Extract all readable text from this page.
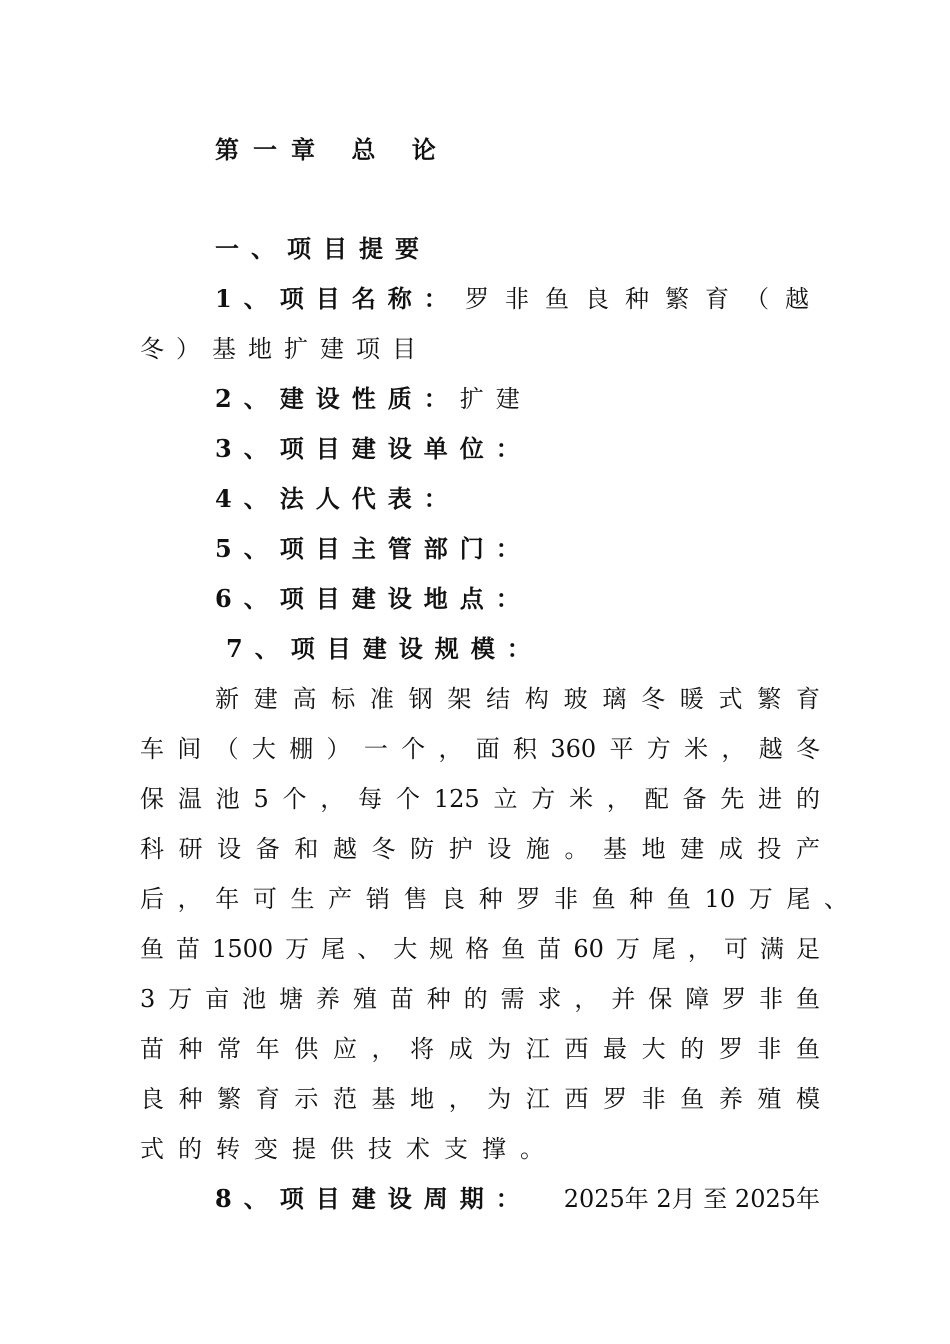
第一章 总 论
一、项目提要
1、项目名称： 罗非鱼良种繁育（越
冬）基地扩建项目
2、建设性质：扩建
3、项目建设单位：
4、法人代表：
5、项目主管部门：
6、项目建设地点：
7、项目建设规模：
新建高标准钢架结构玻璃冬暖式繁育
车间（大棚）一个，面积360平方米，越冬
保温池5个，每个125立方米，配备先进的
科研设备和越冬防护设施。基地建成投产
后，年可生产销售良种罗非鱼种鱼10万尾、
鱼苗1500万尾、大规格鱼苗60万尾，可满足
3万亩池塘养殖苗种的需求，并保障罗非鱼
苗种常年供应，将成为江西最大的罗非鱼
良种繁育示范基地，为江西罗非鱼养殖模
式的转变提供技术支撑。
8、项目建设周期： 2025年 2月 至 2025年
